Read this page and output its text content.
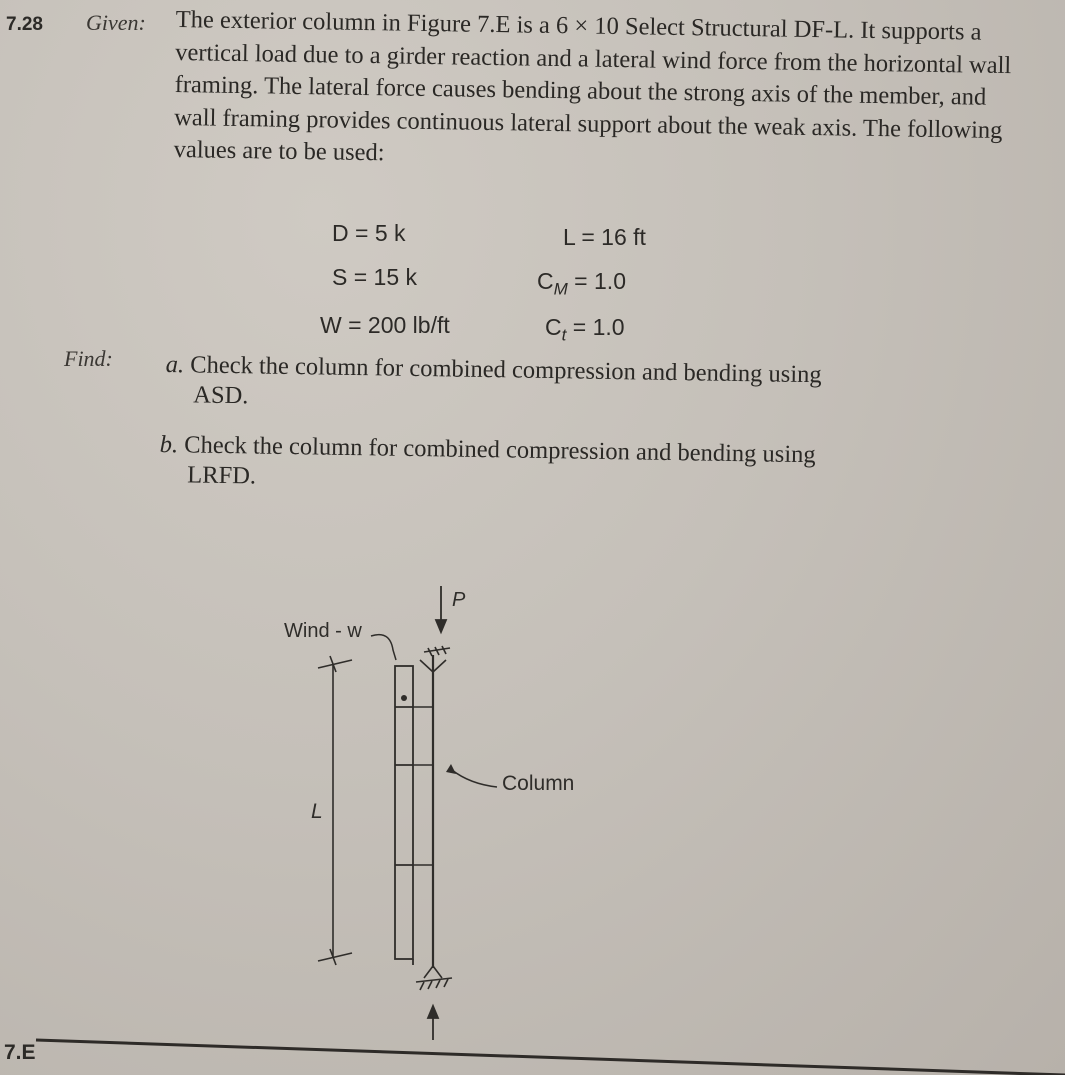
7.28 Given: The exterior column in Figure 7.E is a 6 × 10 Select Structural DF-L. It supports a vertical load due to a girder reaction and a lateral wind force from the horizontal wall framing. The lateral force causes bending about the strong axis of the member, and wall framing provides continuous lateral support about the weak axis. The following values are to be used:

D = 5 k
S = 15 k
W = 200 lb/ft
L = 16 ft
$C_M = 1.0$
$C_t = 1.0$
Find: a. Check the column for combined compression and bending using
ASD.
b. Check the column for combined compression and bending using
LRFD.
Wind - w
P
Column
L
7.E
